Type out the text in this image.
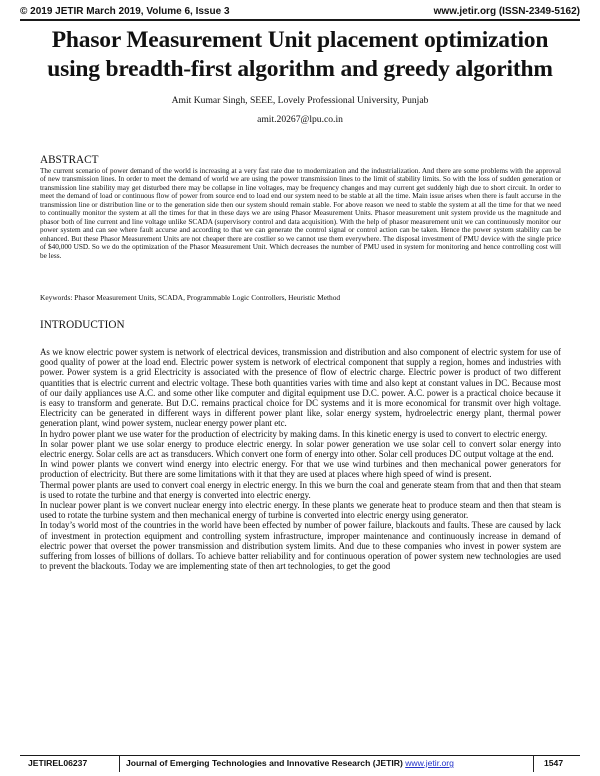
© 2019 JETIR March 2019, Volume 6, Issue 3	www.jetir.org (ISSN-2349-5162)
Phasor Measurement Unit placement optimization
using breadth-first algorithm and greedy algorithm
Amit Kumar Singh, SEEE, Lovely Professional University, Punjab
amit.20267@lpu.co.in
ABSTRACT
The current scenario of power demand of the world is increasing at a very fast rate due to modernization and the industrialization. And there are some problems with the approval of new transmission lines. In order to meet the demand of world we are using the power transmission lines to the limit of stability limits. So with the loss of sudden generation or transmission line stability may get disturbed there may be collapse in line voltages, may be frequency changes and may current get suddenly high due to short circuit. In order to meet the demand of load or continuous flow of power from source end to load end our system need to be stable at all the time. Main issue arises when there is fault accurse in the transmission line or distribution line or to the generation side then our system should remain stable. For above reason we need to stable the system at all the time for that we need to continually monitor the system at all the times for that in these days we are using Phasor Measurement Units. Phasor measurement unit system provide us the magnitude and phasor both of line current and line voltage unlike SCADA (supervisory control and data acquisition). With the help of phasor measurement unit we can continuously monitor our power system and can see where fault accurse and according to that we can generate the control signal or control action can be taken. Hence the power system stability can be enhanced. But these Phasor Measurement Units are not cheaper there are costlier so we cannot use them everywhere. The disposal investment of PMU device with the single price of $40,000 USD. So we do the optimization of the Phasor Measurement Unit. Which decreases the number of PMU used in system for monitoring and hence controlling cost will be less.
Keywords: Phasor Measurement Units, SCADA, Programmable Logic Controllers, Heuristic Method
INTRODUCTION

As we know electric power system is network of electrical devices, transmission and distribution and also component of electric system for use of good quality of power at the load end. Electric power system is network of electrical component that supply a region, homes and industries with power. Power system is a grid Electricity is associated with the presence of flow of electric charge. Electric power is product of two different quantities that is electric current and electric voltage. These both quantities varies with time and also kept at constant values in DC. Because most of our daily appliances use A.C. and some other like computer and digital equipment use D.C. power. A.C. power is a practical choice because it is easy to transform and generate. But D.C. remains practical choice for DC systems and it is more economical for transmit over high voltage. Electricity can be generated in different ways in different power plant like, solar energy system, hydroelectric energy plant, thermal power generation plant, wind power system, nuclear energy power plant etc.

In hydro power plant we use water for the production of electricity by making dams. In this kinetic energy is used to convert to electric energy.

In solar power plant we use solar energy to produce electric energy. In solar power generation we use solar cell to convert solar energy into electric energy. Solar cells are act as transducers. Which convert one form of energy into other. Solar cell produces DC output voltage at the end.

In wind power plants we convert wind energy into electric energy. For that we use wind turbines and then mechanical power generators for production of electricity. But there are some limitations with it that they are used at places where high speed of wind is present.

Thermal power plants are used to convert coal energy in electric energy. In this we burn the coal and generate steam from that and then that steam is used to rotate the turbine and that energy is converted into electric energy.

In nuclear power plant is we convert nuclear energy into electric energy. In these plants we generate heat to produce steam and then that steam is used to rotate the turbine system and then mechanical energy of turbine is converted into electric energy using generator.

In today’s world most of the countries in the world have been effected by number of power failure, blackouts and faults. These are caused by lack of investment in protection equipment and controlling system infrastructure, improper maintenance and continuously increase in demand of electric power that overset the power transmission and distribution system limits. And due to these companies who invest in power system are suffering from losses of billions of dollars. To achieve batter reliability and for continuous operation of power system new technologies are used to prevent the blackouts. Today we are implementing state of then art technologies, to get the good

JETIREL06237	Journal of Emerging Technologies and Innovative Research (JETIR) www.jetir.org	1547
